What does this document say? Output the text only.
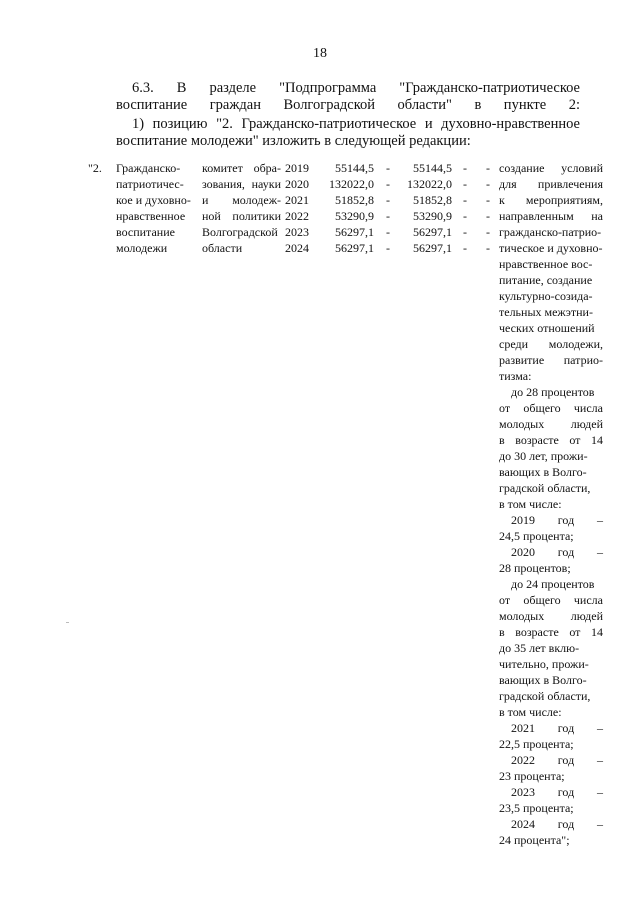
18
6.3. В разделе "Подпрограмма "Гражданско-патриотическое
воспитание граждан Волгоградской области" в пункте 2:
1) позицию "2. Гражданско-патриотическое и духовно-нравственное
воспитание молодежи" изложить в следующей редакции:
"2. Гражданско-
патриотичес-
кое и духовно-
нравственное
воспитание
молодежи
комитет обра-
зования, науки
и молодеж-
ной политики
Волгоградской
области
2019
2020
2021
2022
2023
2024
55144,5
132022,0
51852,8
53290,9
56297,1
56297,1
-
-
-
-
-
-
55144,5
132022,0
51852,8
53290,9
56297,1
56297,1
-
-
-
-
-
-
-
-
-
-
-
-
создание условий
для привлечения
к мероприятиям,
направленным на
гражданско-патрио-
тическое и духовно-
нравственное вос-
питание, создание
культурно-созида-
тельных межэтни-
ческих отношений
среди молодежи,
развитие патрио-
тизма:
до 28 процентов
от общего числа
молодых людей
в возрасте от 14
до 30 лет, прожи-
вающих в Волго-
градской области,
в том числе:
2019 год –
24,5 процента;
2020 год –
28 процентов;
до 24 процентов
от общего числа
молодых людей
в возрасте от 14
до 35 лет вклю-
чительно, прожи-
вающих в Волго-
градской области,
в том числе:
2021 год –
22,5 процента;
2022 год –
23 процента;
2023 год –
23,5 процента;
2024 год –
24 процента";
